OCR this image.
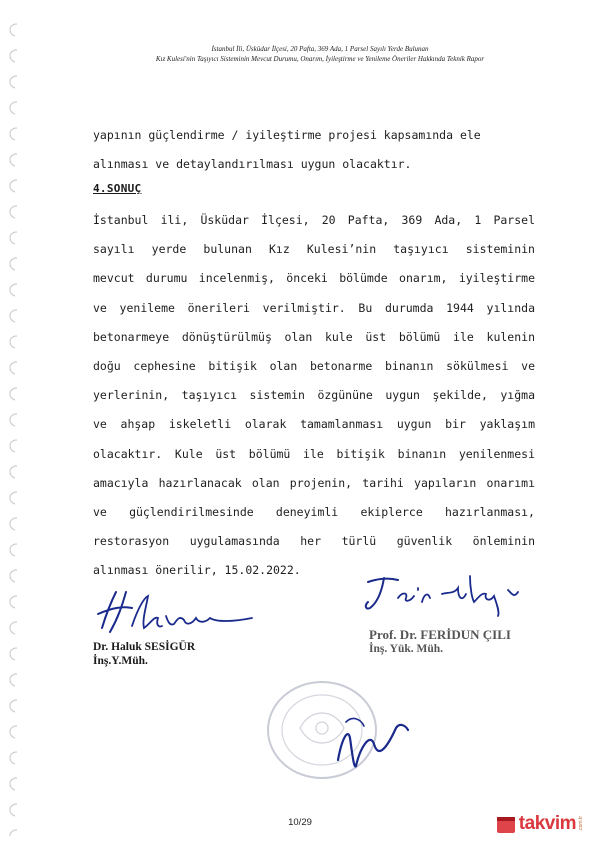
İstanbul İli, Üsküdar İlçesi, 20 Pafta, 369 Ada, 1 Parsel Sayılı Yerde Bulunan
Kız Kulesi'nin Taşıyıcı Sisteminin Mevcut Durumu, Onarım, İyileştirme ve Yenileme Öneriler Hakkında Teknik Rapor
yapının güçlendirme / iyileştirme projesi kapsamında ele
alınması ve detaylandırılması uygun olacaktır.
4.SONUÇ
İstanbul ili, Üsküdar İlçesi, 20 Pafta, 369 Ada, 1 Parsel
sayılı yerde bulunan Kız Kulesi’nin taşıyıcı sisteminin
mevcut durumu incelenmiş, önceki bölümde onarım, iyileştirme
ve yenileme önerileri verilmiştir. Bu durumda 1944 yılında
betonarmeye dönüştürülmüş olan kule üst bölümü ile kulenin
doğu cephesine bitişik olan betonarme binanın sökülmesi ve
yerlerinin, taşıyıcı sistemin özgününe uygun şekilde, yığma
ve ahşap iskeletli olarak tamamlanması uygun bir yaklaşım
olacaktır. Kule üst bölümü ile bitişik binanın yenilenmesi
amacıyla hazırlanacak olan projenin, tarihi yapıların onarımı
ve güçlendirilmesinde deneyimli ekiplerce hazırlanması,
restorasyon uygulamasında her türlü güvenlik önleminin
alınması önerilir, 15.02.2022.
Dr. Haluk SESİGÜR
İnş.Y.Müh.
Prof. Dr. FERİDUN ÇILI
İnş. Yük. Müh.
10/29	takvim .com.tr
